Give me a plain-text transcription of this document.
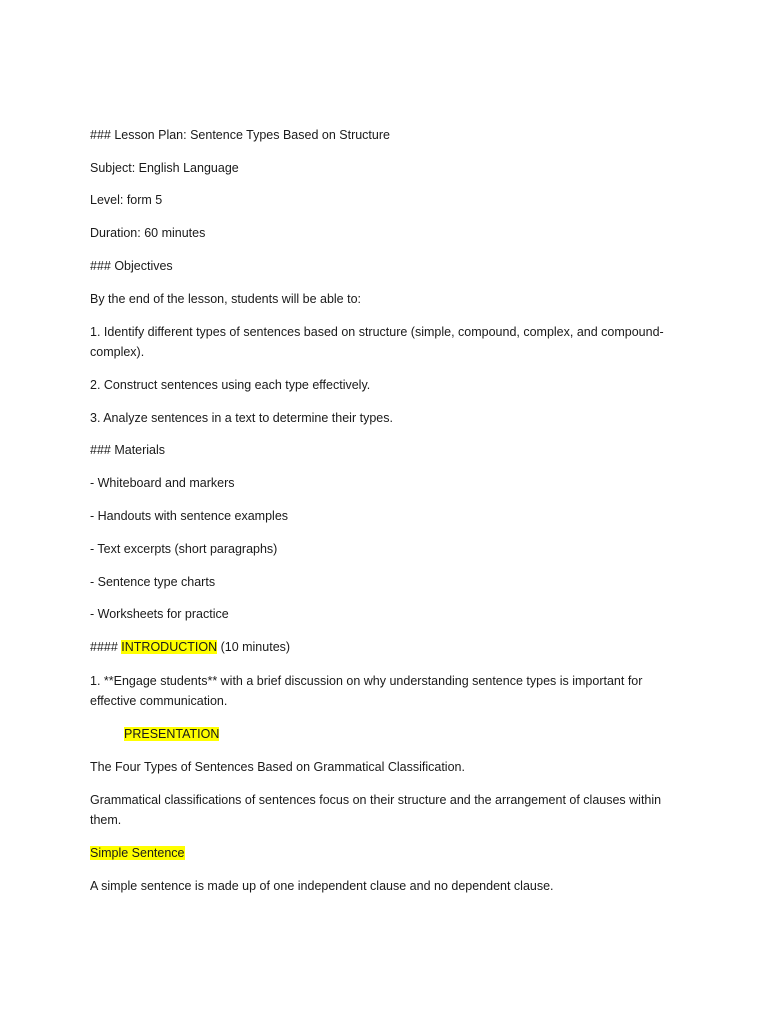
### Lesson Plan: Sentence Types Based on Structure
Subject: English Language
Level: form 5
Duration: 60 minutes
### Objectives
By the end of the lesson, students will be able to:
1. Identify different types of sentences based on structure (simple, compound, complex, and compound-complex).
2. Construct sentences using each type effectively.
3. Analyze sentences in a text to determine their types.
### Materials
- Whiteboard and markers
- Handouts with sentence examples
- Text excerpts (short paragraphs)
- Sentence type charts
- Worksheets for practice
#### INTRODUCTION (10 minutes)
1. **Engage students** with a brief discussion on why understanding sentence types is important for effective communication.
PRESENTATION
The Four Types of Sentences Based on Grammatical Classification.
Grammatical classifications of sentences focus on their structure and the arrangement of clauses within them.
Simple Sentence
A simple sentence is made up of one independent clause and no dependent clause.
